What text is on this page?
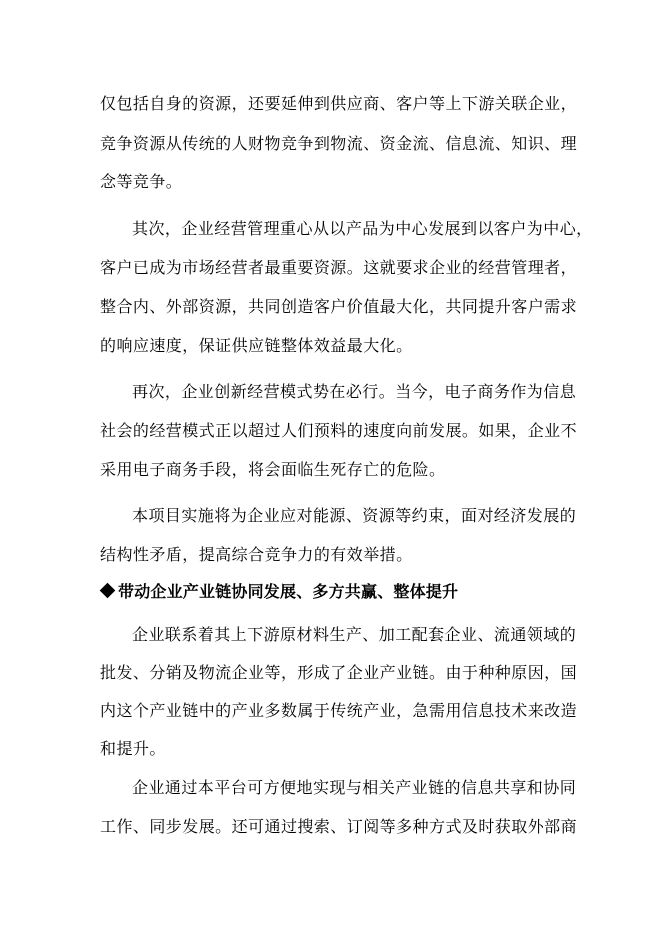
仅包括自身的资源，还要延伸到供应商、客户等上下游关联企业，
竞争资源从传统的人财物竞争到物流、资金流、信息流、知识、理
念等竞争。
其次，企业经营管理重心从以产品为中心发展到以客户为中心，
客户已成为市场经营者最重要资源。这就要求企业的经营管理者，
整合内、外部资源，共同创造客户价值最大化，共同提升客户需求
的响应速度，保证供应链整体效益最大化。
再次，企业创新经营模式势在必行。当今，电子商务作为信息
社会的经营模式正以超过人们预料的速度向前发展。如果，企业不
采用电子商务手段，将会面临生死存亡的危险。
本项目实施将为企业应对能源、资源等约束，面对经济发展的
结构性矛盾，提高综合竞争力的有效举措。
带动企业产业链协同发展、多方共赢、整体提升
企业联系着其上下游原材料生产、加工配套企业、流通领域的
批发、分销及物流企业等，形成了企业产业链。由于种种原因，国
内这个产业链中的产业多数属于传统产业，急需用信息技术来改造
和提升。
企业通过本平台可方便地实现与相关产业链的信息共享和协同
工作、同步发展。还可通过搜索、订阅等多种方式及时获取外部商
